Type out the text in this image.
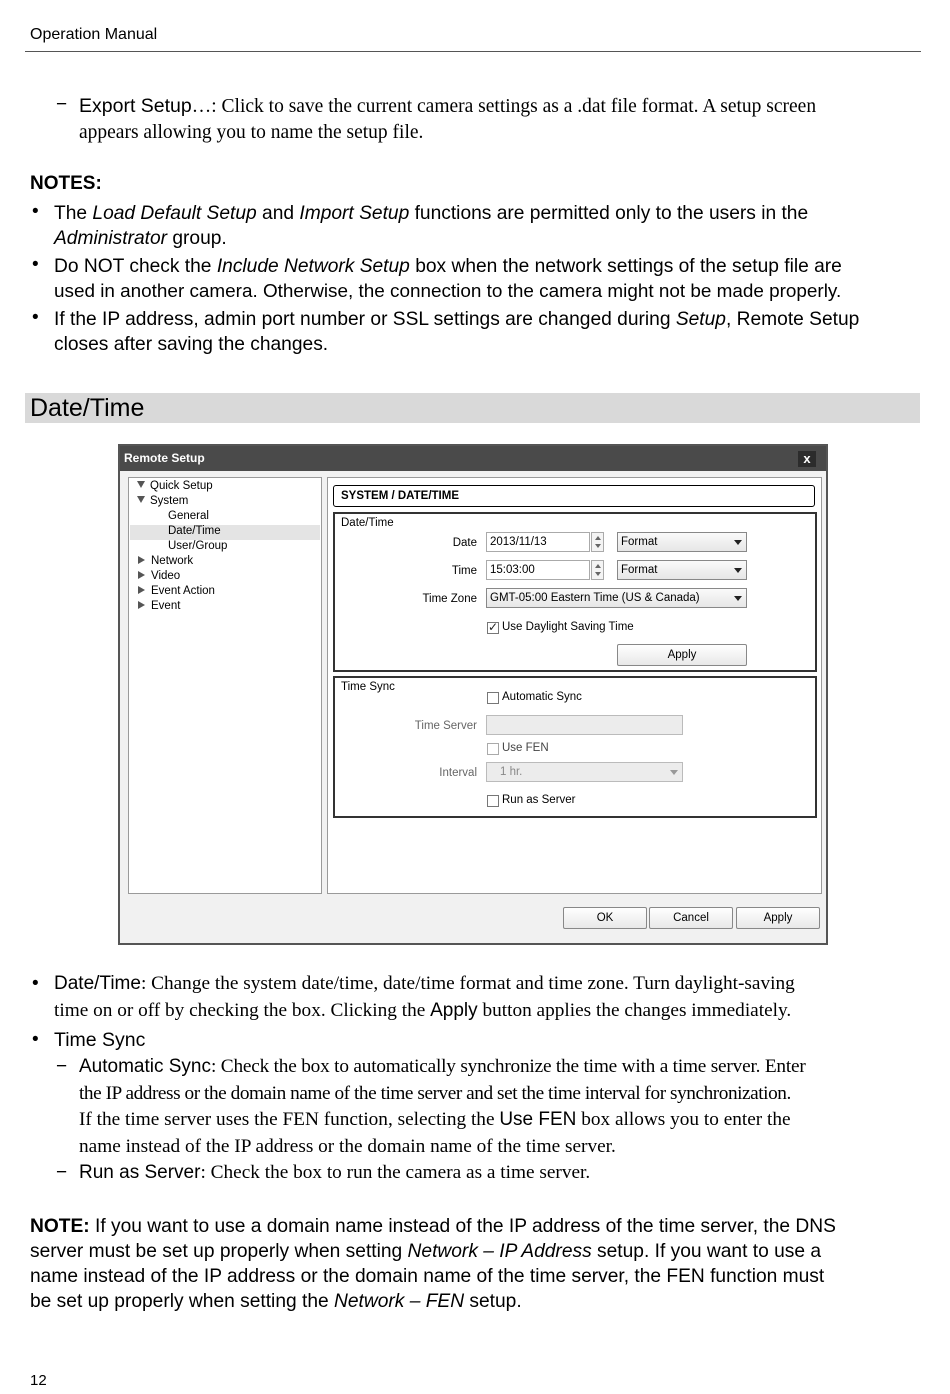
Operation Manual
− Export Setup…: Click to save the current camera settings as a .dat file format. A setup screen
appears allowing you to name the setup file.
NOTES:
• The Load Default Setup and Import Setup functions are permitted only to the users in the
Administrator group.
• Do NOT check the Include Network Setup box when the network settings of the setup file are
used in another camera. Otherwise, the connection to the camera might not be made properly.
• If the IP address, admin port number or SSL settings are changed during Setup, Remote Setup
closes after saving the changes.
Date/Time
Remote Setup	x
Quick Setup
System
General
Date/Time
User/Group
Network
Video
Event Action
Event
SYSTEM / DATE/TIME
Date/Time
Date	2013/11/13	Format
Time	15:03:00	Format
Time Zone	GMT-05:00 Eastern Time (US & Canada)
✓
Use Daylight Saving Time
Apply
Time Sync
Automatic Sync
Time Server
Use FEN
Interval	1 hr.
Run as Server
OK	Cancel	Apply
• Date/Time: Change the system date/time, date/time format and time zone. Turn daylight-saving
time on or off by checking the box. Clicking the Apply button applies the changes immediately.
• Time Sync
− Automatic Sync: Check the box to automatically synchronize the time with a time server. Enter
the IP address or the domain name of the time server and set the time interval for synchronization.
If the time server uses the FEN function, selecting the Use FEN box allows you to enter the
name instead of the IP address or the domain name of the time server.
− Run as Server: Check the box to run the camera as a time server.
NOTE: If you want to use a domain name instead of the IP address of the time server, the DNS
server must be set up properly when setting Network – IP Address setup. If you want to use a
name instead of the IP address or the domain name of the time server, the FEN function must
be set up properly when setting the Network – FEN setup.
12
